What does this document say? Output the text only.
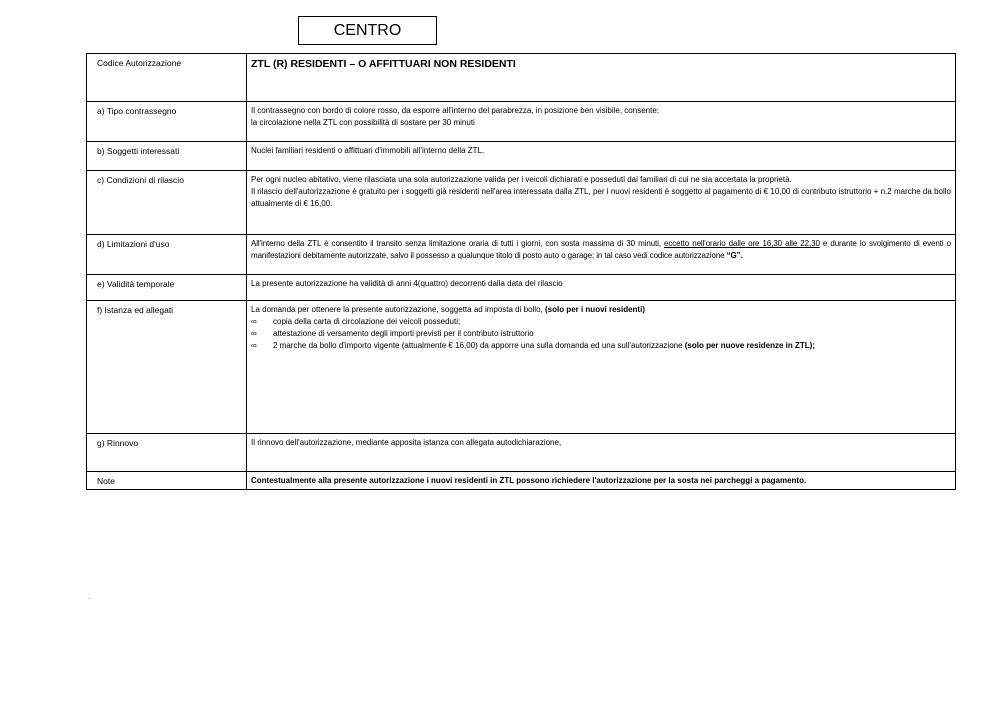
CENTRO
Codice Autorizzazione	ZTL (R) RESIDENTI – O AFFITTUARI NON RESIDENTI
a) Tipo contrassegno	Il contrassegno con bordo di colore rosso, da esporre all'interno del parabrezza, in posizione ben visibile, consente:
la circolazione nella ZTL con possibilità di sostare per 30 minuti

b) Soggetti interessati	Nuclei familiari residenti o affittuari d'immobili all'interno della ZTL.
c) Condizioni di rilascio	Per ogni nucleo abitativo, viene rilasciata una sola autorizzazione valida per i veicoli dichiarati e posseduti dai familiari di cui ne sia accertata la proprietà.
Il rilascio dell'autorizzazione è gratuito per i soggetti già residenti nell'area interessata dalla ZTL, per i nuovi residenti è soggetto al pagamento di € 10,00 di contributo istruttorio + n.2 marche da bollo attualmente di € 16,00.

d) Limitazioni d'uso	All'interno della ZTL è consentito il transito senza limitazione oraria di tutti i giorni, con sosta massima di 30 minuti, eccetto nell'orario dalle ore 16,30 alle 22,30 e durante lo svolgimento di eventi o manifestazioni debitamente autorizzate, salvo il possesso a qualunque titolo di posto auto o garage; in tal caso vedi codice autorizzazione “G”.
e) Validità temporale	La presente autorizzazione ha validità di anni 4(quattro) decorrenti dalla data del rilascio
f) Istanza ed allegati	La domanda per ottenere la presente autorizzazione, soggetta ad imposta di bollo, (solo per i nuovi residenti)
∞ copia della carta di circolazione dei veicoli posseduti;
∞ attestazione di versamento degli importi previsti per il contributo istruttorio
∞ 2 marche da bollo d'importo vigente (attualmente € 16,00) da apporre una sulla domanda ed una sull'autorizzazione (solo per nuove residenze in ZTL);

g) Rinnovo	Il rinnovo dell'autorizzazione, mediante apposita istanza con allegata autodichiarazione,
Note	Contestualmente alla presente autorizzazione i nuovi residenti in ZTL possono richiedere l'autorizzazione per la sosta nei parcheggi a pagamento.
.
